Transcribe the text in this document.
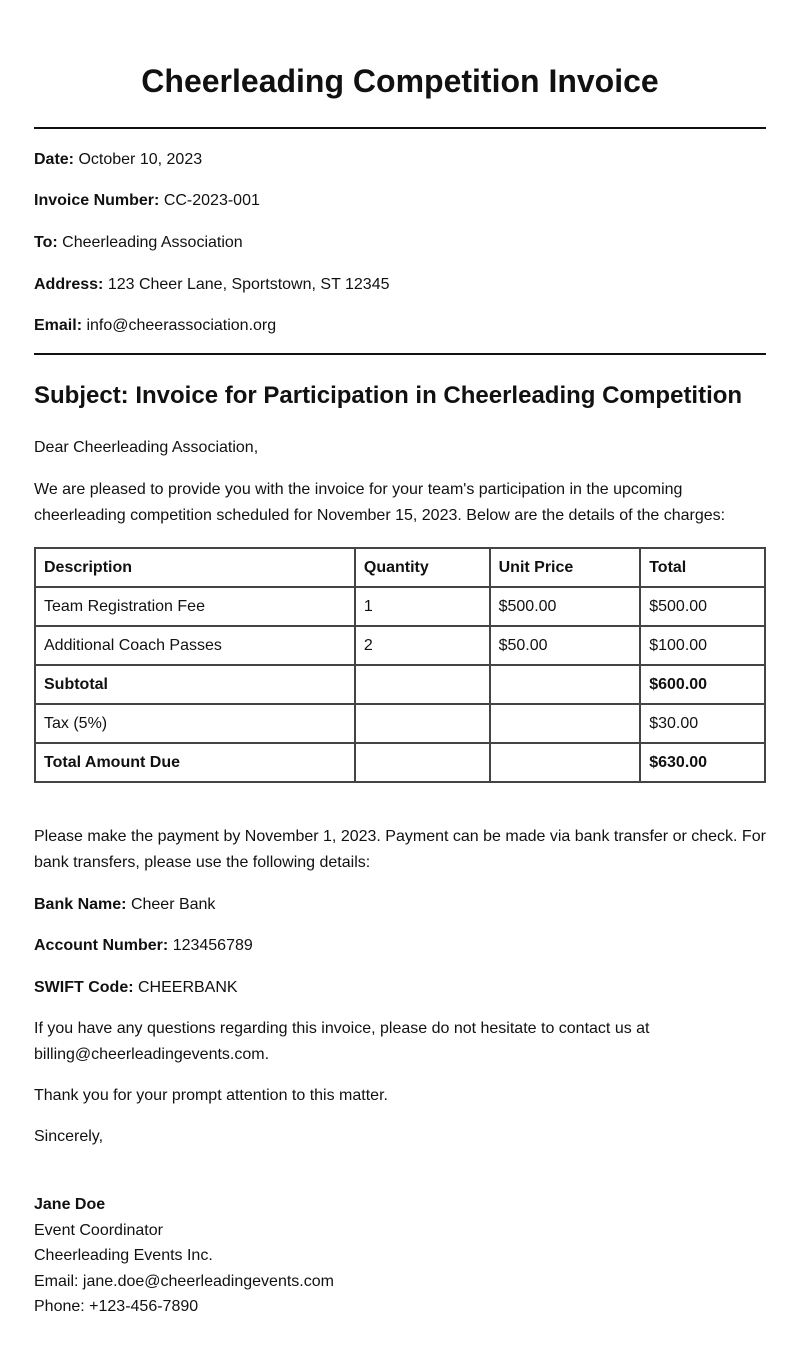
Cheerleading Competition Invoice

Date: October 10, 2023

Invoice Number: CC-2023-001

To: Cheerleading Association

Address: 123 Cheer Lane, Sportstown, ST 12345

Email: info@cheerassociation.org

Subject: Invoice for Participation in Cheerleading Competition

Dear Cheerleading Association,

We are pleased to provide you with the invoice for your team's participation in the upcoming cheerleading competition scheduled for November 15, 2023. Below are the details of the charges:

Description	Quantity	Unit Price	Total
Team Registration Fee	1	$500.00	$500.00
Additional Coach Passes	2	$50.00	$100.00
Subtotal			$600.00
Tax (5%)			$30.00
Total Amount Due			$630.00

Please make the payment by November 1, 2023. Payment can be made via bank transfer or check. For bank transfers, please use the following details:

Bank Name: Cheer Bank

Account Number: 123456789

SWIFT Code: CHEERBANK

If you have any questions regarding this invoice, please do not hesitate to contact us at billing@cheerleadingevents.com.

Thank you for your prompt attention to this matter.

Sincerely,

Jane Doe
Event Coordinator
Cheerleading Events Inc.
Email: jane.doe@cheerleadingevents.com
Phone: +123-456-7890
